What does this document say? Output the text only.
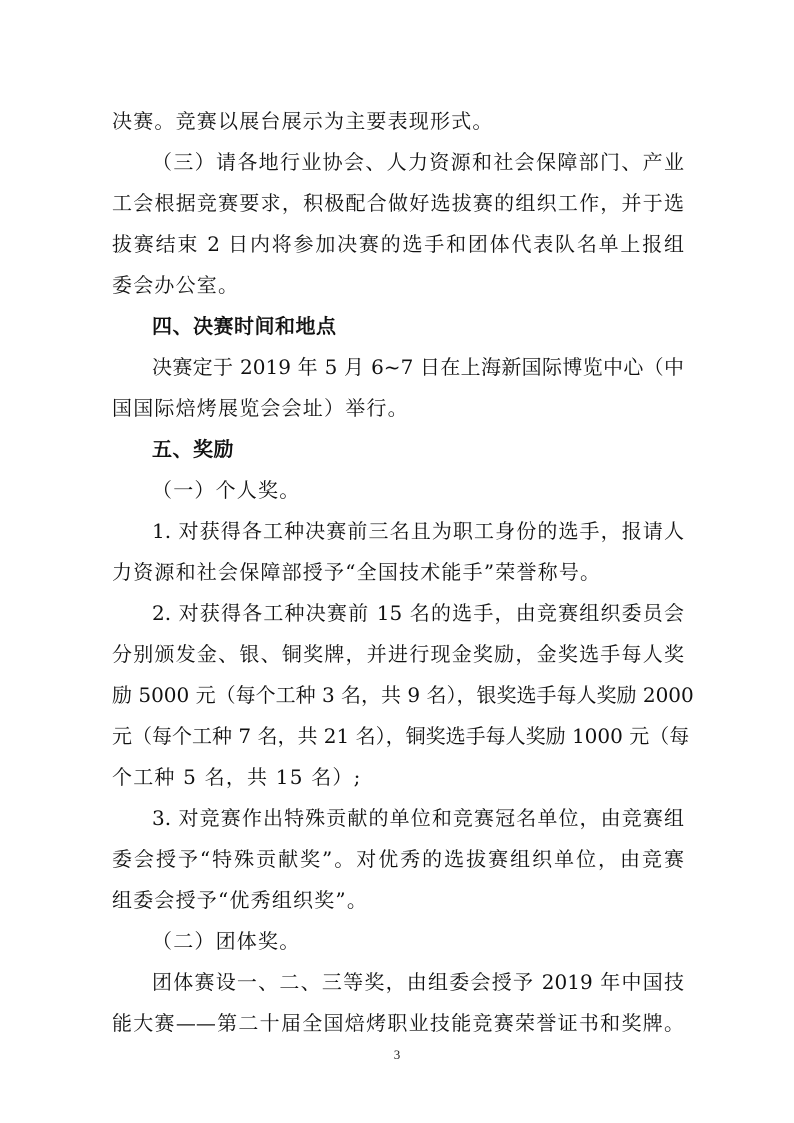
决赛。竞赛以展台展示为主要表现形式。
（三）请各地行业协会、人力资源和社会保障部门、产业
工会根据竞赛要求，积极配合做好选拔赛的组织工作，并于选
拔赛结束 2 日内将参加决赛的选手和团体代表队名单上报组
委会办公室。
四、决赛时间和地点
决赛定于 2019 年 5 月 6~7 日在上海新国际博览中心（中
国国际焙烤展览会会址）举行。
五、奖励
（一）个人奖。
1. 对获得各工种决赛前三名且为职工身份的选手，报请人
力资源和社会保障部授予“全国技术能手”荣誉称号。
2. 对获得各工种决赛前 15 名的选手，由竞赛组织委员会
分别颁发金、银、铜奖牌，并进行现金奖励，金奖选手每人奖
励 5000 元（每个工种 3 名，共 9 名），银奖选手每人奖励 2000
元（每个工种 7 名，共 21 名），铜奖选手每人奖励 1000 元（每
个工种 5 名，共 15 名）;
3. 对竞赛作出特殊贡献的单位和竞赛冠名单位，由竞赛组
委会授予“特殊贡献奖”。对优秀的选拔赛组织单位，由竞赛
组委会授予“优秀组织奖”。
（二）团体奖。
团体赛设一、二、三等奖，由组委会授予 2019 年中国技
能大赛——第二十届全国焙烤职业技能竞赛荣誉证书和奖牌。
3
